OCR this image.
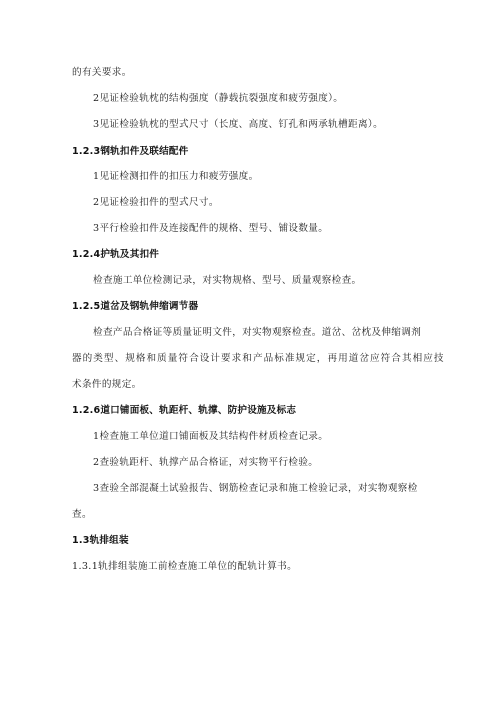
的有关要求。
2见证检验轨枕的结构强度（静载抗裂强度和疲劳强度）。
3见证检验轨枕的型式尺寸（长度、高度、钉孔和两承轨槽距离）。
1.2.3钢轨扣件及联结配件
1见证检测扣件的扣压力和疲劳强度。
2见证检验扣件的型式尺寸。
3平行检验扣件及连接配件的规格、型号、铺设数量。
1.2.4护轨及其扣件
检查施工单位检测记录，对实物规格、型号、质量观察检查。
1.2.5道岔及钢轨伸缩调节器
检查产品合格证等质量证明文件，对实物观察检查。道岔、岔枕及伸缩调剂
器的类型、规格和质量符合设计要求和产品标准规定，再用道岔应符合其相应技
术条件的规定。
1.2.6道口铺面板、轨距杆、轨撑、防护设施及标志
1检查施工单位道口铺面板及其结构件材质检查记录。
2查验轨距杆、轨撑产品合格证，对实物平行检验。
3查验全部混凝土试验报告、钢筋检查记录和施工检验记录，对实物观察检
查。
1.3轨排组装
1.3.1轨排组装施工前检查施工单位的配轨计算书。
